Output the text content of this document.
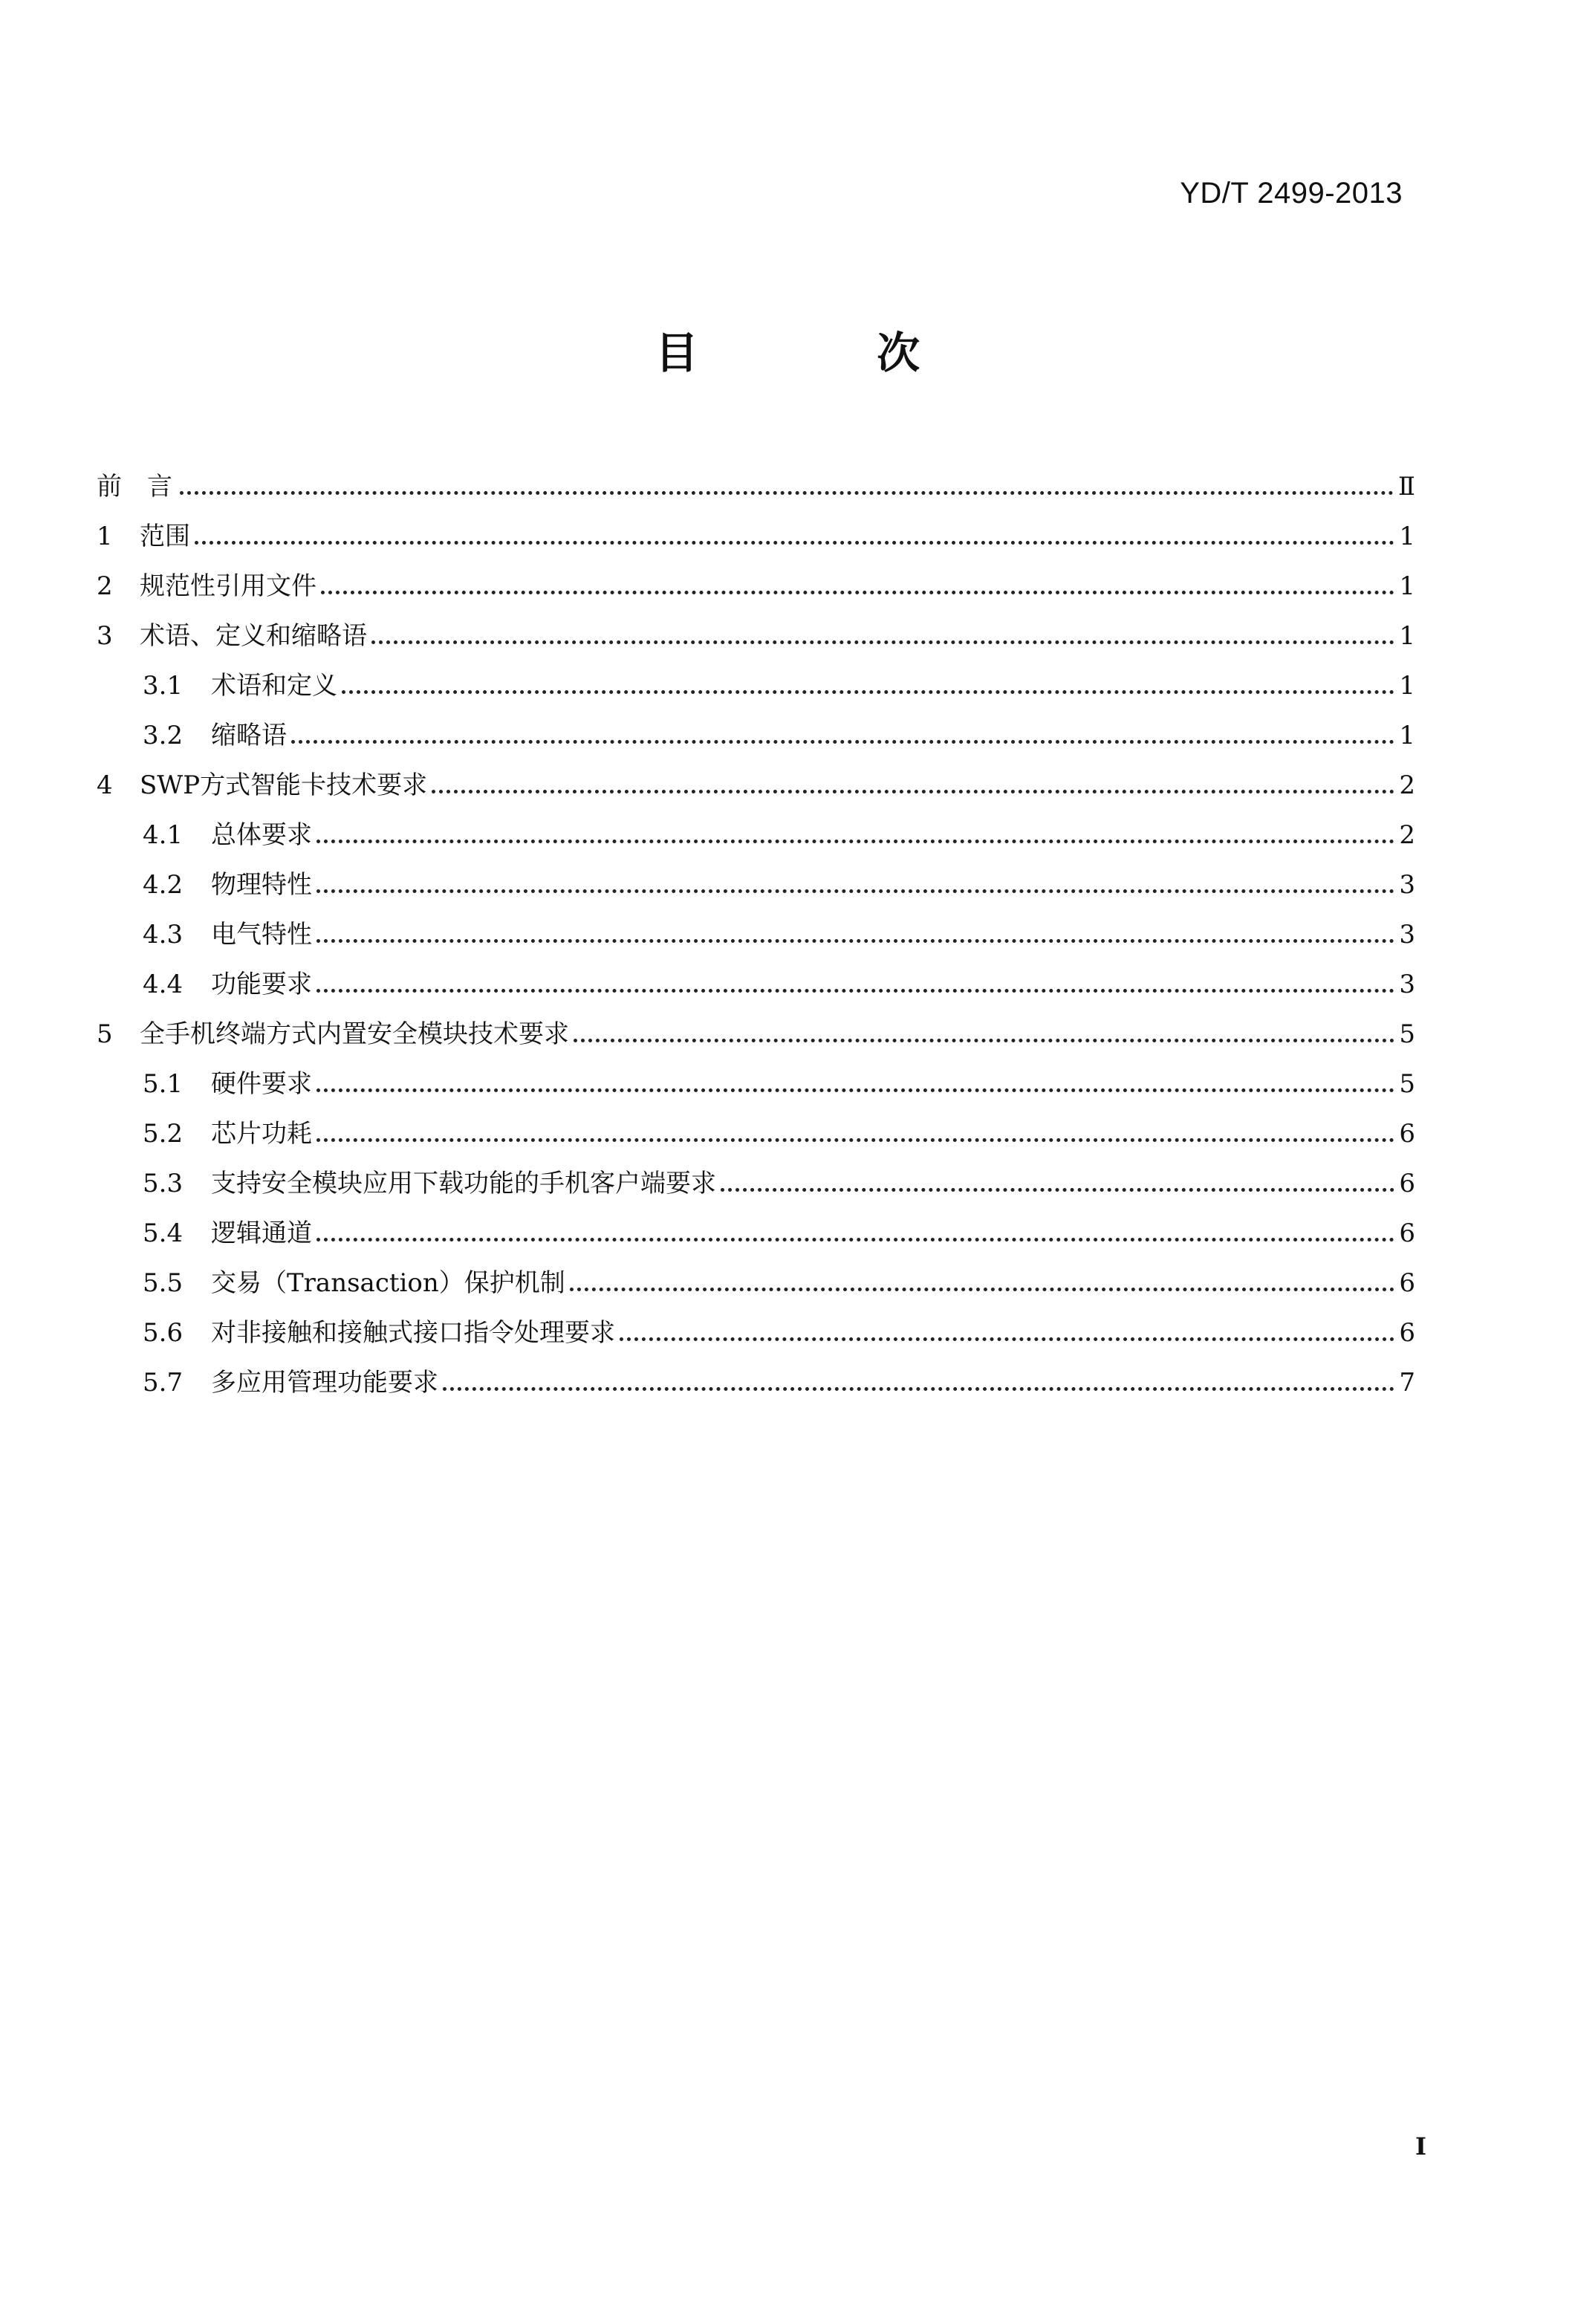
YD/T 2499-2013
目 次
前言	Ⅱ
1	范围	1
2	规范性引用文件	1
3	术语、定义和缩略语	1
3.1	术语和定义	1
3.2	缩略语	1
4	SWP方式智能卡技术要求	2
4.1	总体要求	2
4.2	物理特性	3
4.3	电气特性	3
4.4	功能要求	3
5	全手机终端方式内置安全模块技术要求	5
5.1	硬件要求	5
5.2	芯片功耗	6
5.3	支持安全模块应用下载功能的手机客户端要求	6
5.4	逻辑通道	6
5.5	交易（Transaction）保护机制	6
5.6	对非接触和接触式接口指令处理要求	6
5.7	多应用管理功能要求	7
I
